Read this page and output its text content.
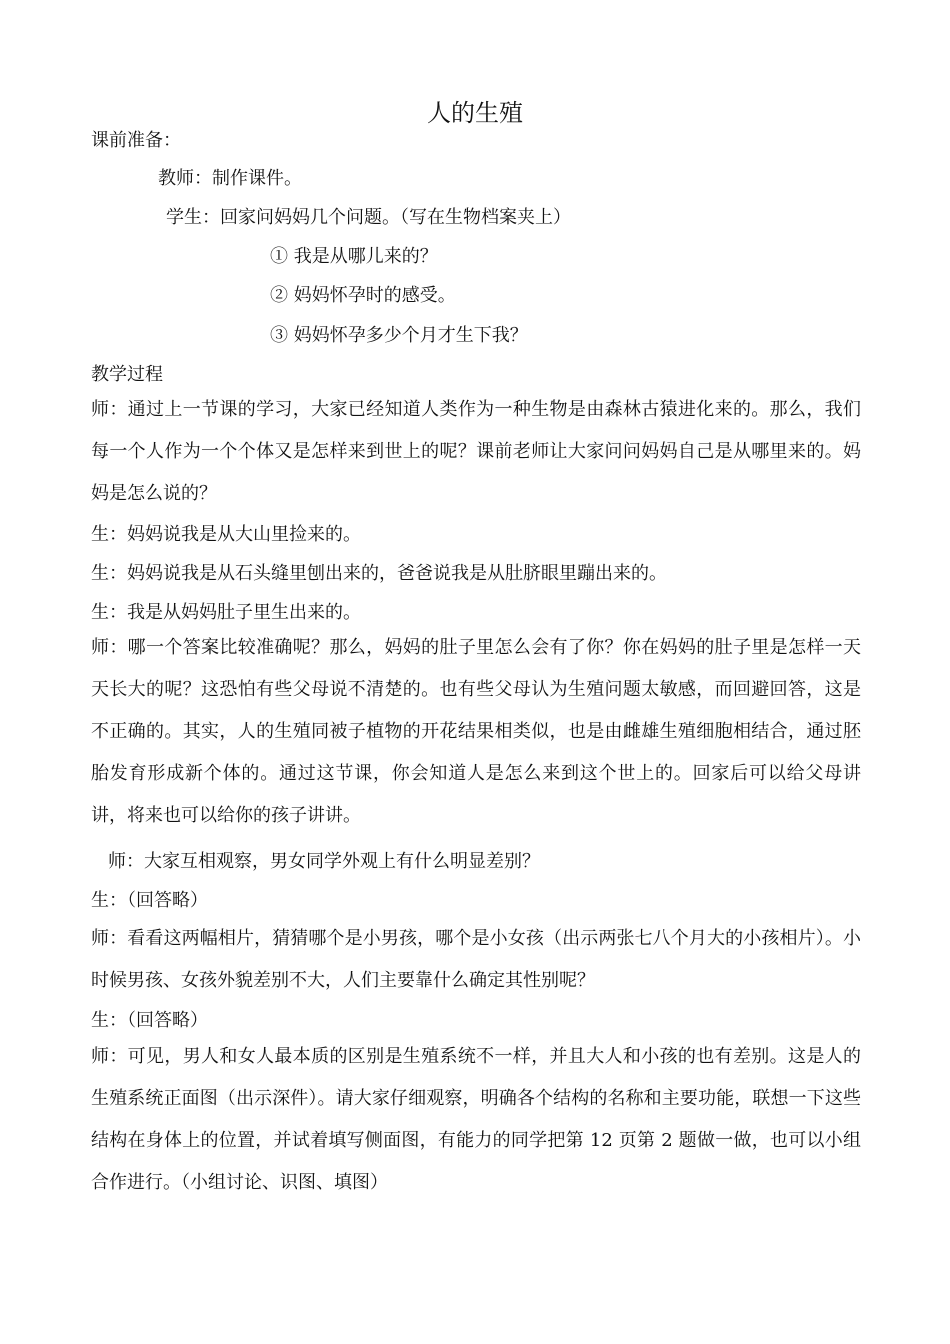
人的生殖
课前准备：
教师：制作课件。
学生：回家问妈妈几个问题。（写在生物档案夹上）
① 我是从哪儿来的？
② 妈妈怀孕时的感受。
③ 妈妈怀孕多少个月才生下我？
教学过程
师：通过上一节课的学习，大家已经知道人类作为一种生物是由森林古猿进化来的。那么，我们每一个人作为一个个体又是怎样来到世上的呢？课前老师让大家问问妈妈自己是从哪里来的。妈妈是怎么说的？
生：妈妈说我是从大山里捡来的。
生：妈妈说我是从石头缝里刨出来的，爸爸说我是从肚脐眼里蹦出来的。
生：我是从妈妈肚子里生出来的。
师：哪一个答案比较准确呢？那么，妈妈的肚子里怎么会有了你？你在妈妈的肚子里是怎样一天天长大的呢？这恐怕有些父母说不清楚的。也有些父母认为生殖问题太敏感，而回避回答，这是不正确的。其实，人的生殖同被子植物的开花结果相类似，也是由雌雄生殖细胞相结合，通过胚胎发育形成新个体的。通过这节课，你会知道人是怎么来到这个世上的。回家后可以给父母讲讲，将来也可以给你的孩子讲讲。
师：大家互相观察，男女同学外观上有什么明显差别？
生：（回答略）
师：看看这两幅相片，猜猜哪个是小男孩，哪个是小女孩（出示两张七八个月大的小孩相片）。小时候男孩、女孩外貌差别不大，人们主要靠什么确定其性别呢？
生：（回答略）
师：可见，男人和女人最本质的区别是生殖系统不一样，并且大人和小孩的也有差别。这是人的生殖系统正面图（出示深件）。请大家仔细观察，明确各个结构的名称和主要功能，联想一下这些结构在身体上的位置，并试着填写侧面图，有能力的同学把第 12 页第 2 题做一做，也可以小组合作进行。（小组讨论、识图、填图）
